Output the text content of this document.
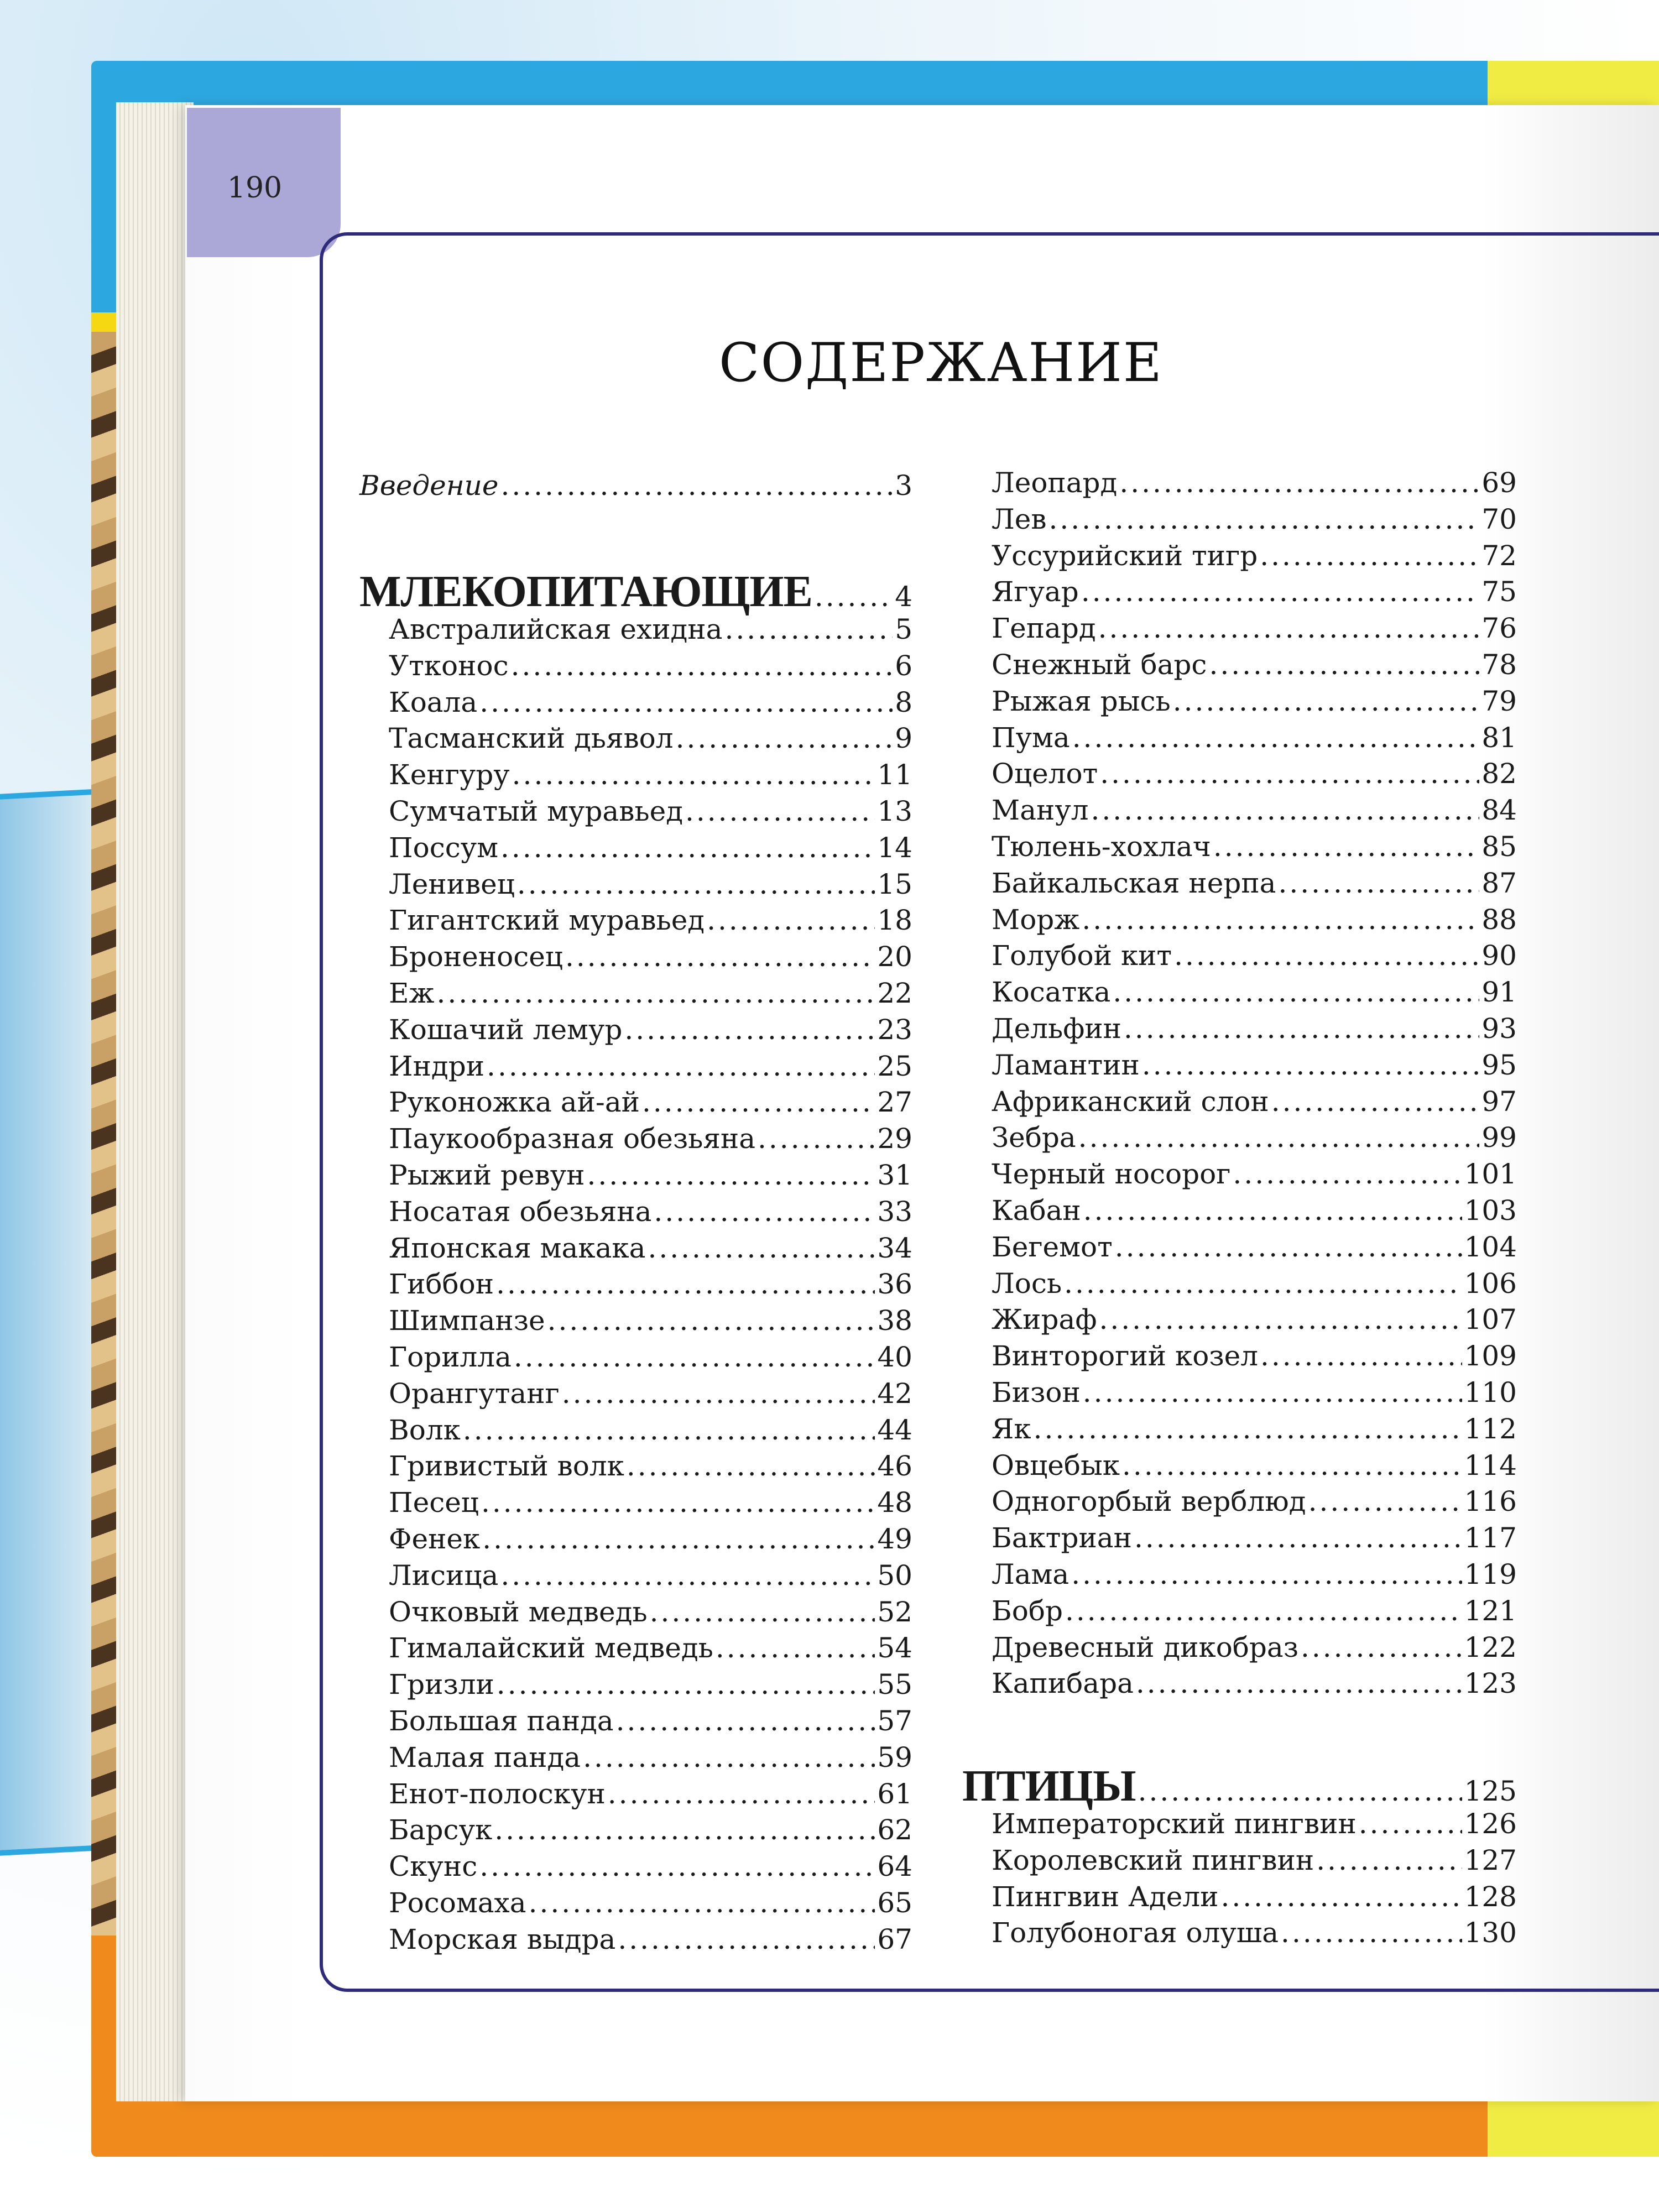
190
СОДЕРЖАНИЕ
Введение .....	3
МЛЕКОПИТАЮЩИЕ .....	4
Австралийская ехидна .....	5
Утконос .....	6
Коала .....	8
Тасманский дьявол .....	9
Кенгуру .....	11
Сумчатый муравьед .....	13
Поссум .....	14
Ленивец .....	15
Гигантский муравьед .....	18
Броненосец .....	20
Еж .....	22
Кошачий лемур .....	23
Индри .....	25
Руконожка ай-ай .....	27
Паукообразная обезьяна .....	29
Рыжий ревун .....	31
Носатая обезьяна .....	33
Японская макака .....	34
Гиббон .....	36
Шимпанзе .....	38
Горилла .....	40
Орангутанг .....	42
Волк .....	44
Гривистый волк .....	46
Песец .....	48
Фенек .....	49
Лисица .....	50
Очковый медведь .....	52
Гималайский медведь .....	54
Гризли .....	55
Большая панда .....	57
Малая панда .....	59
Енот-полоскун .....	61
Барсук .....	62
Скунс .....	64
Росомаха .....	65
Морская выдра .....	67
Леопард .....	69
Лев .....	70
Уссурийский тигр .....	72
Ягуар .....	75
Гепард .....	76
Снежный барс .....	78
Рыжая рысь .....	79
Пума .....	81
Оцелот .....	82
Манул .....	84
Тюлень-хохлач .....	85
Байкальская нерпа .....	87
Морж .....	88
Голубой кит .....	90
Косатка .....	91
Дельфин .....	93
Ламантин .....	95
Африканский слон .....	97
Зебра .....	99
Черный носорог .....	101
Кабан .....	103
Бегемот .....	104
Лось .....	106
Жираф .....	107
Винторогий козел .....	109
Бизон .....	110
Як .....	112
Овцебык .....	114
Одногорбый верблюд .....	116
Бактриан .....	117
Лама .....	119
Бобр .....	121
Древесный дикобраз .....	122
Капибара .....	123
ПТИЦЫ .....	125
Императорский пингвин .....	126
Королевский пингвин .....	127
Пингвин Адели .....	128
Голубоногая олуша .....	130
